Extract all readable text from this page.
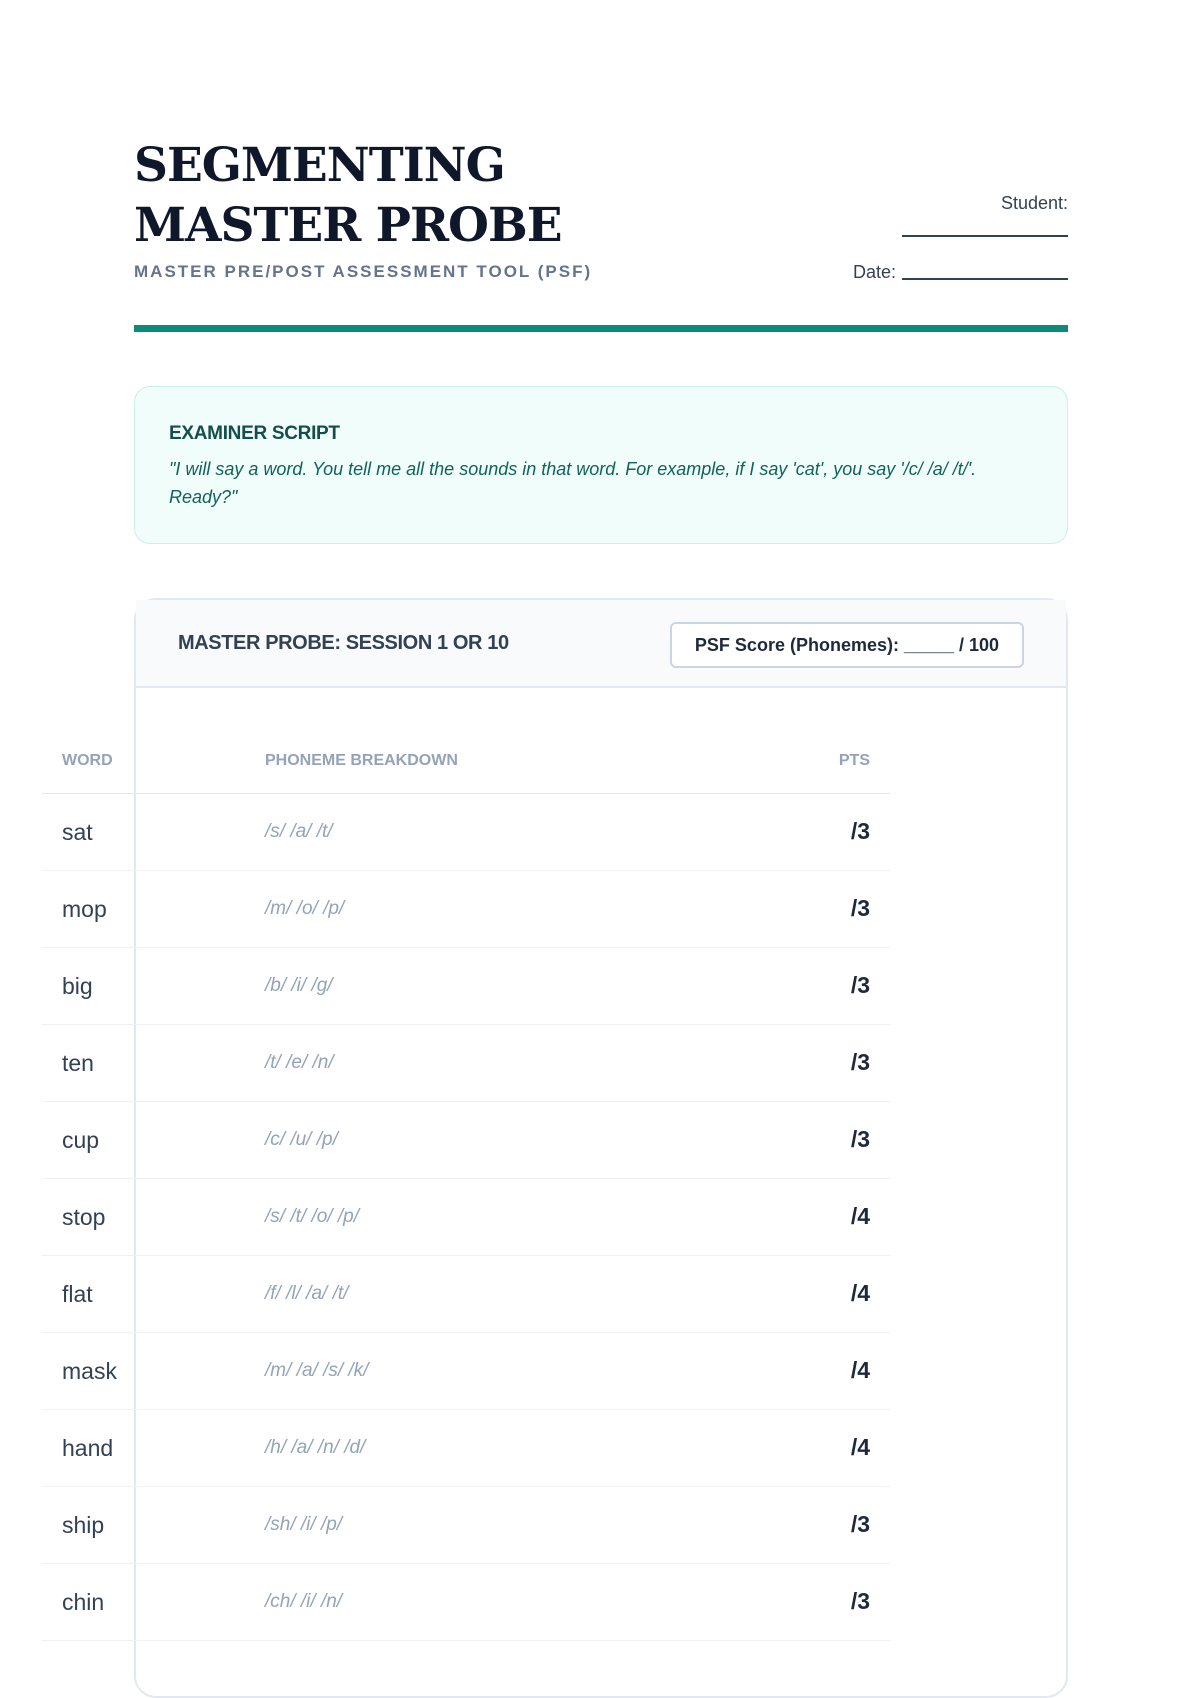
SEGMENTING MASTER PROBE
MASTER PRE/POST ASSESSMENT TOOL (PSF)
Student:
Date:
EXAMINER SCRIPT
"I will say a word. You tell me all the sounds in that word. For example, if I say 'cat', you say '/c/ /a/ /t/'. Ready?"
MASTER PROBE: SESSION 1 OR 10	PSF Score (Phonemes): _____ / 100
WORD	PHONEME BREAKDOWN	PTS
sat	/s/ /a/ /t/	/3
mop	/m/ /o/ /p/	/3
big	/b/ /i/ /g/	/3
ten	/t/ /e/ /n/	/3
cup	/c/ /u/ /p/	/3
stop	/s/ /t/ /o/ /p/	/4
flat	/f/ /l/ /a/ /t/	/4
mask	/m/ /a/ /s/ /k/	/4
hand	/h/ /a/ /n/ /d/	/4
ship	/sh/ /i/ /p/	/3
chin	/ch/ /i/ /n/	/3
